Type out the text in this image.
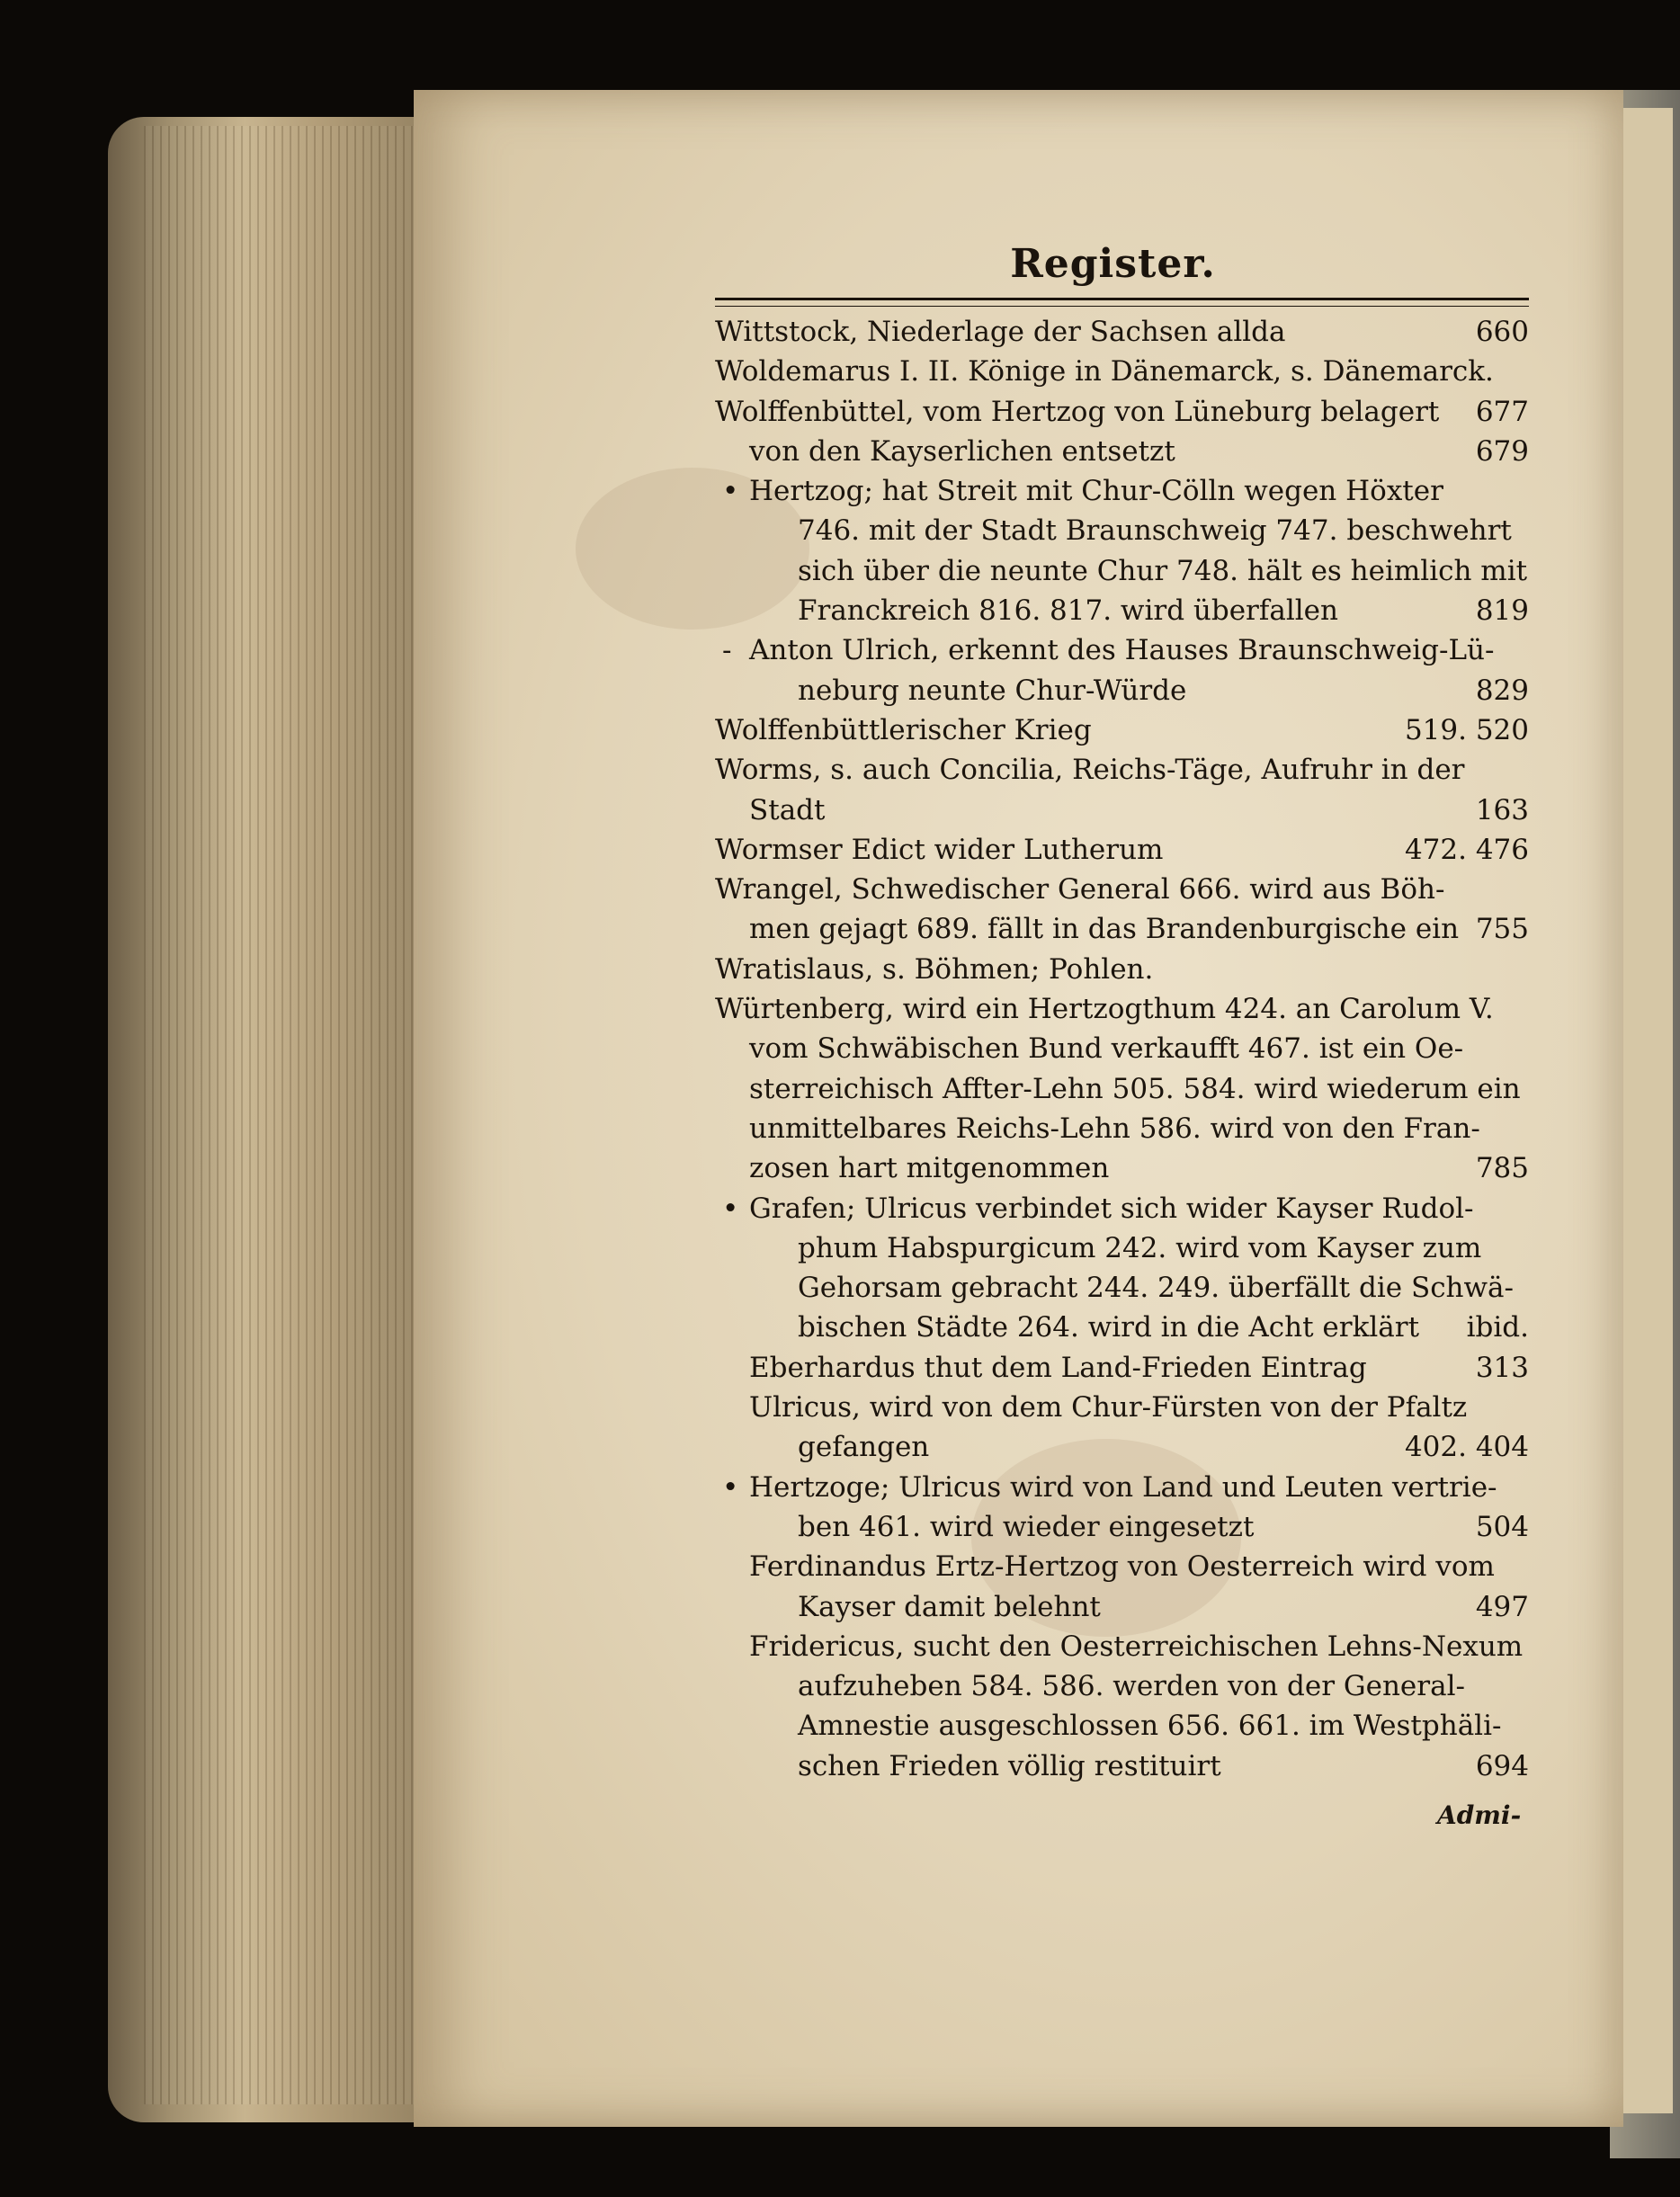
Register.
Wittstock, Niederlage der Sachsen allda	660
Woldemarus I. II. Könige in Dänemarck, s. Dänemarck.
Wolffenbüttel, vom Hertzog von Lüneburg belagert	677
von den Kayserlichen entsetzt	679
• Hertzog; hat Streit mit Chur-Cölln wegen Höxter
746. mit der Stadt Braunschweig 747. beschwehrt
sich über die neunte Chur 748. hält es heimlich mit
Franckreich 816. 817. wird überfallen	819
- Anton Ulrich, erkennt des Hauses Braunschweig-Lü-
neburg neunte Chur-Würde	829
Wolffenbüttlerischer Krieg	519. 520
Worms, s. auch Concilia, Reichs-Täge, Aufruhr in der
Stadt	163
Wormser Edict wider Lutherum	472. 476
Wrangel, Schwedischer General 666. wird aus Böh-
men gejagt 689. fällt in das Brandenburgische ein 755
Wratislaus, s. Böhmen; Pohlen.
Würtenberg, wird ein Hertzogthum 424. an Carolum V.
vom Schwäbischen Bund verkaufft 467. ist ein Oe-
sterreichisch Affter-Lehn 505. 584. wird wiederum ein
unmittelbares Reichs-Lehn 586. wird von den Fran-
zosen hart mitgenommen	785
• Grafen; Ulricus verbindet sich wider Kayser Rudol-
phum Habspurgicum 242. wird vom Kayser zum
Gehorsam gebracht 244. 249. überfällt die Schwä-
bischen Städte 264. wird in die Acht erklärt	ibid.
Eberhardus thut dem Land-Frieden Eintrag	313
Ulricus, wird von dem Chur-Fürsten von der Pfaltz
gefangen	402. 404
• Hertzoge; Ulricus wird von Land und Leuten vertrie-
ben 461. wird wieder eingesetzt	504
Ferdinandus Ertz-Hertzog von Oesterreich wird vom
Kayser damit belehnt	497
Fridericus, sucht den Oesterreichischen Lehns-Nexum
aufzuheben 584. 586. werden von der General-
Amnestie ausgeschlossen 656. 661. im Westphäli-
schen Frieden völlig restituirt	694
Admi-
